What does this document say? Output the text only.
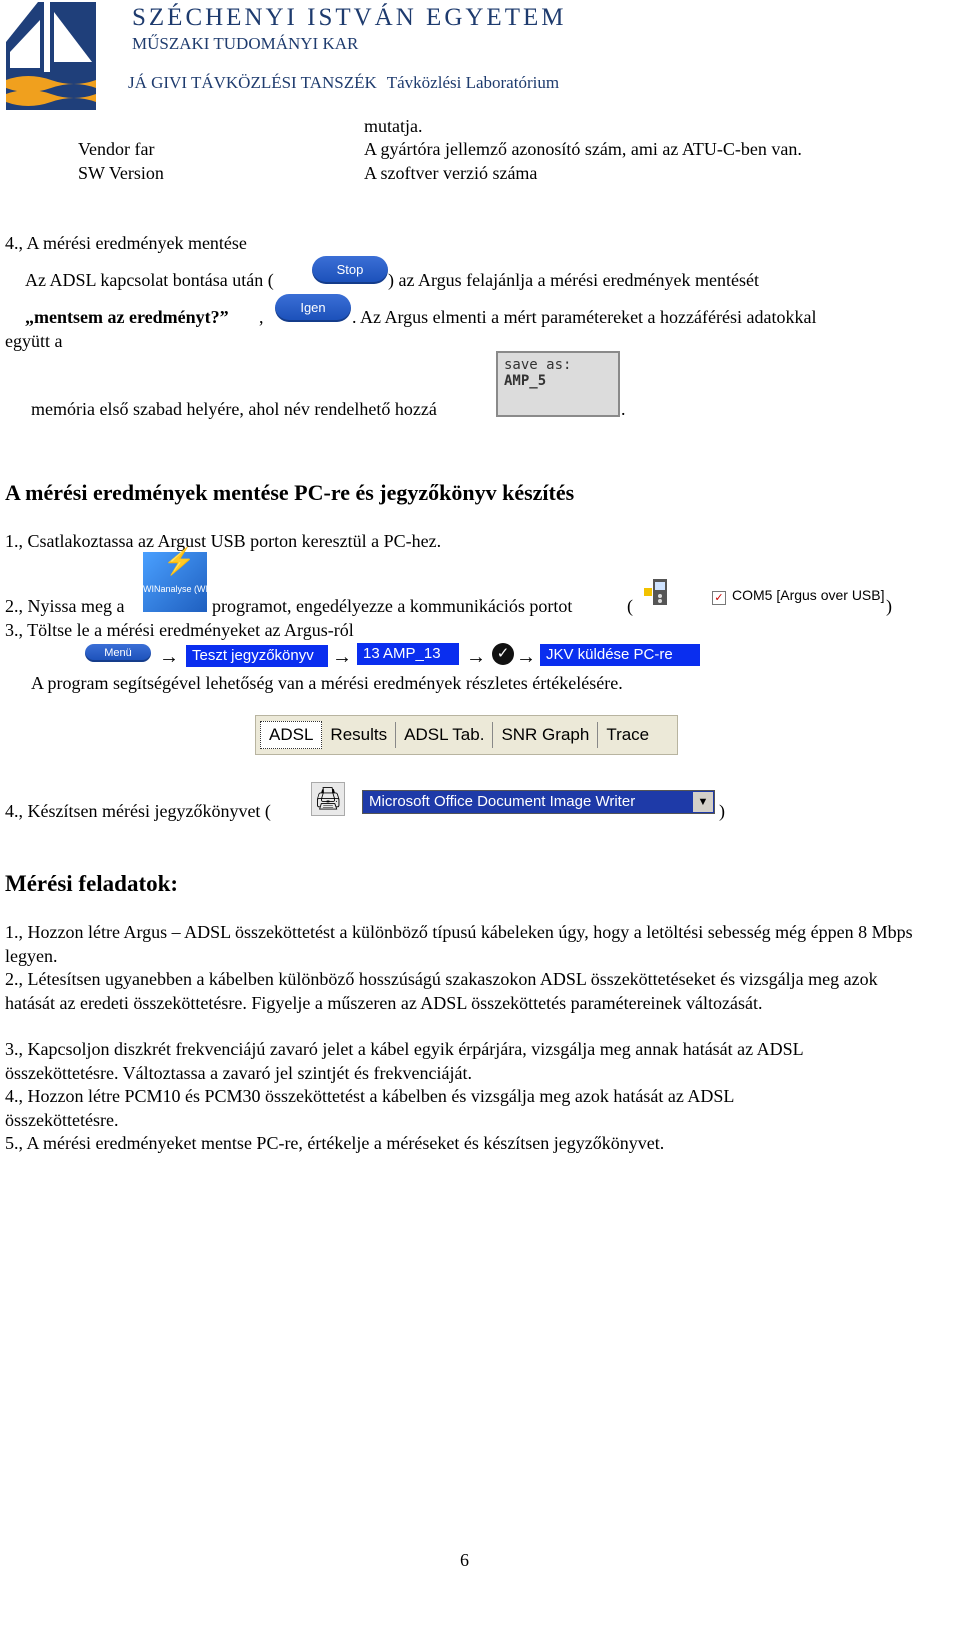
SZÉCHENYI ISTVÁN EGYETEM
MŰSZAKI TUDOMÁNYI KAR
JÁ GIVI TÁVKÖZLÉSI TANSZÉK Távközlési Laboratórium
mutatja.
Vendor far	A gyártóra jellemző azonosító szám, ami az ATU-C-ben van.
SW Version	A szoftver verzió száma
4., A mérési eredmények mentése
Az ADSL kapcsolat bontása után (
Stop
) az Argus felajánlja a mérési eredmények mentését
„mentsem az eredményt?” ,	Igen	. Az Argus elmenti a mért paramétereket a hozzáférési adatokkal
együtt a
memória első szabad helyére, ahol név rendelhető hozzá
save as:
AMP_5
.
A mérési eredmények mentése PC-re és jegyzőkönyv készítés
1., Csatlakoztassa az Argust USB porton keresztül a PC-hez.
2., Nyissa meg a
⚡
WINanalyse (WINplus)
programot, engedélyezze a kommunikációs portot	(	✓ COM5 [Argus over USB]
)
3., Töltse le a mérési eredményeket az Argus-ról
Menü	→ Teszt jegyzőkönyv → 13 AMP_13	→ ✓ → JKV küldése PC-re
A program segítségével lehetőség van a mérési eredmények részletes értékelésére.
ADSL	Results	ADSL Tab.	SNR Graph	Trace
4., Készítsen mérési jegyzőkönyvet ( 🖨	Microsoft Office Document Image Writer	▼ )
Mérési feladatok:
1., Hozzon létre Argus – ADSL összeköttetést a különböző típusú kábeleken úgy, hogy a letöltési sebesség még éppen 8 Mbps legyen.
2., Létesítsen ugyanebben a kábelben különböző hosszúságú szakaszokon ADSL összeköttetéseket és vizsgálja meg azok hatását az eredeti összeköttetésre. Figyelje a műszeren az ADSL összeköttetés paramétereinek változását.
3., Kapcsoljon diszkrét frekvenciájú zavaró jelet a kábel egyik érpárjára, vizsgálja meg annak hatását az ADSL összeköttetésre. Változtassa a zavaró jel szintjét és frekvenciáját.
4., Hozzon létre PCM10 és PCM30 összeköttetést a kábelben és vizsgálja meg azok hatását az ADSL összeköttetésre.
5., A mérési eredményeket mentse PC-re, értékelje a méréseket és készítsen jegyzőkönyvet.
6
